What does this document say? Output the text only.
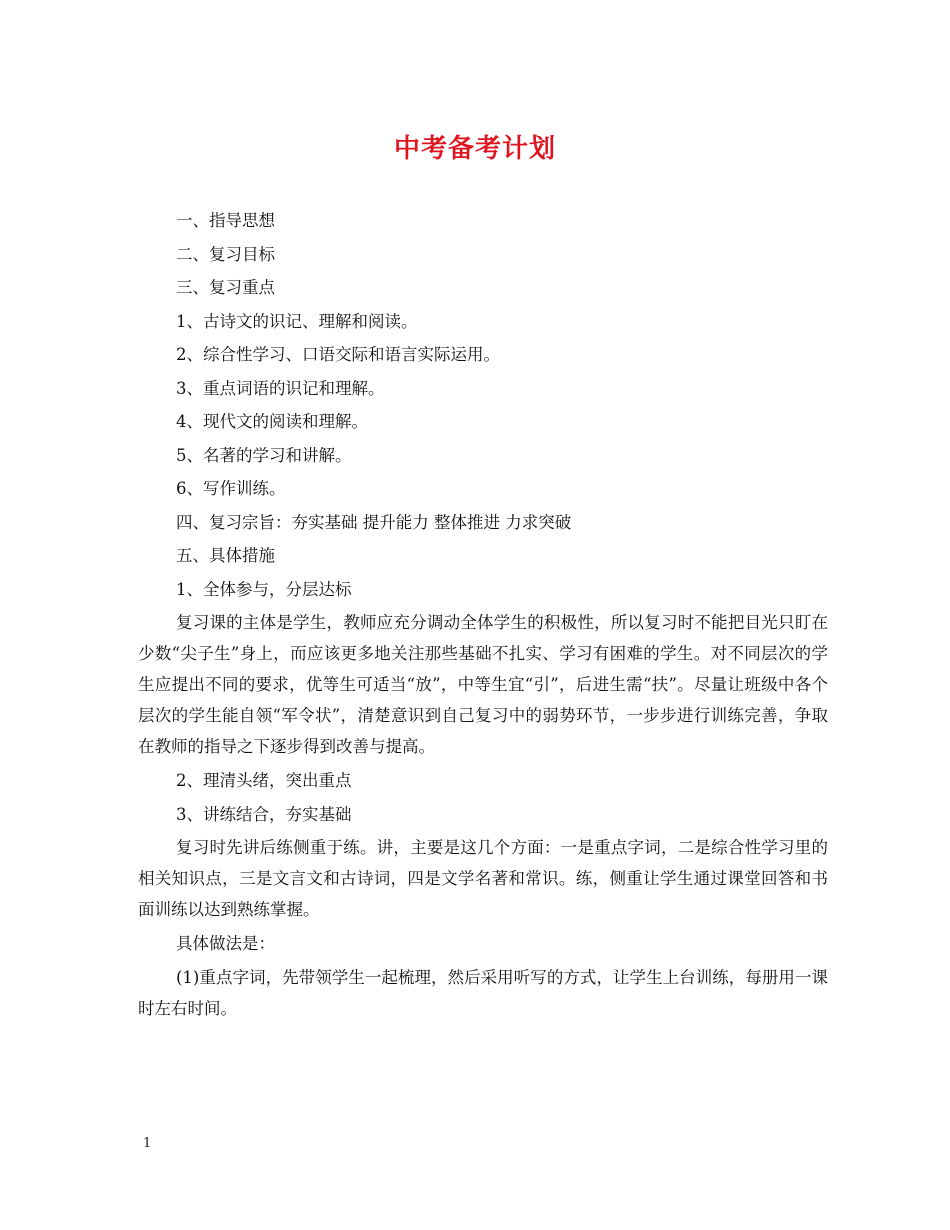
中考备考计划
一、指导思想
二、复习目标
三、复习重点
1、古诗文的识记、理解和阅读。
2、综合性学习、口语交际和语言实际运用。
3、重点词语的识记和理解。
4、现代文的阅读和理解。
5、名著的学习和讲解。
6、写作训练。
四、复习宗旨：夯实基础 提升能力 整体推进 力求突破
五、具体措施
1、全体参与，分层达标
复习课的主体是学生，教师应充分调动全体学生的积极性，所以复习时不能把目光只盯在少数“尖子生”身上，而应该更多地关注那些基础不扎实、学习有困难的学生。对不同层次的学生应提出不同的要求，优等生可适当“放”，中等生宜“引”，后进生需“扶”。尽量让班级中各个层次的学生能自领“军令状”，清楚意识到自己复习中的弱势环节，一步步进行训练完善，争取在教师的指导之下逐步得到改善与提高。
2、理清头绪，突出重点
3、讲练结合，夯实基础
复习时先讲后练侧重于练。讲，主要是这几个方面：一是重点字词，二是综合性学习里的相关知识点，三是文言文和古诗词，四是文学名著和常识。练，侧重让学生通过课堂回答和书面训练以达到熟练掌握。
具体做法是：
(1)重点字词，先带领学生一起梳理，然后采用听写的方式，让学生上台训练，每册用一课时左右时间。
1
